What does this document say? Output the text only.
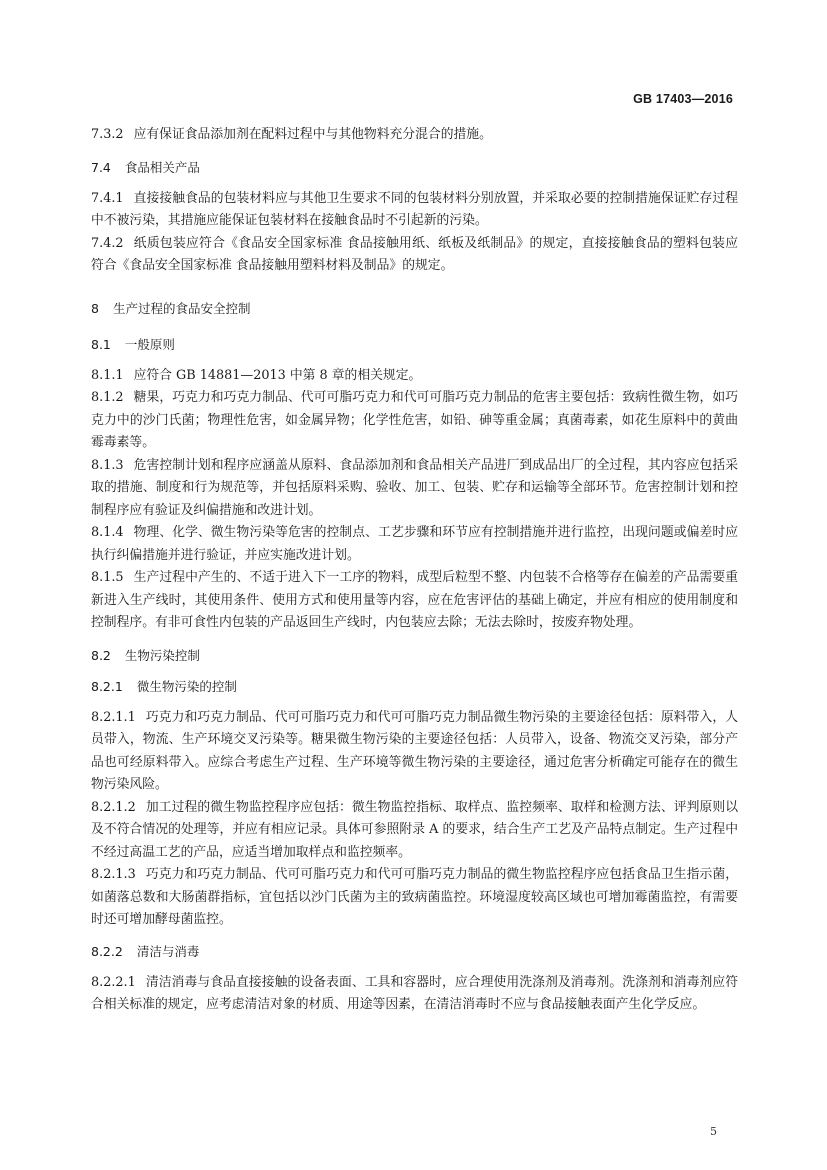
GB 17403—2016

7.3.2 应有保证食品添加剂在配料过程中与其他物料充分混合的措施。

7.4 食品相关产品

7.4.1 直接接触食品的包装材料应与其他卫生要求不同的包装材料分别放置，并采取必要的控制措施保证贮存过程中不被污染，其措施应能保证包装材料在接触食品时不引起新的污染。

7.4.2 纸质包装应符合《食品安全国家标准 食品接触用纸、纸板及纸制品》的规定，直接接触食品的塑料包装应符合《食品安全国家标准 食品接触用塑料材料及制品》的规定。

8 生产过程的食品安全控制
8.1 一般原则

8.1.1 应符合 GB 14881—2013 中第 8 章的相关规定。

8.1.2 糖果，巧克力和巧克力制品、代可可脂巧克力和代可可脂巧克力制品的危害主要包括：致病性微生物，如巧克力中的沙门氏菌；物理性危害，如金属异物；化学性危害，如铅、砷等重金属；真菌毒素，如花生原料中的黄曲霉毒素等。

8.1.3 危害控制计划和程序应涵盖从原料、食品添加剂和食品相关产品进厂到成品出厂的全过程，其内容应包括采取的措施、制度和行为规范等，并包括原料采购、验收、加工、包装、贮存和运输等全部环节。危害控制计划和控制程序应有验证及纠偏措施和改进计划。

8.1.4 物理、化学、微生物污染等危害的控制点、工艺步骤和环节应有控制措施并进行监控，出现问题或偏差时应执行纠偏措施并进行验证，并应实施改进计划。

8.1.5 生产过程中产生的、不适于进入下一工序的物料，成型后粒型不整、内包装不合格等存在偏差的产品需要重新进入生产线时，其使用条件、使用方式和使用量等内容，应在危害评估的基础上确定，并应有相应的使用制度和控制程序。有非可食性内包装的产品返回生产线时，内包装应去除；无法去除时，按废弃物处理。

8.2 生物污染控制
8.2.1 微生物污染的控制

8.2.1.1 巧克力和巧克力制品、代可可脂巧克力和代可可脂巧克力制品微生物污染的主要途径包括：原料带入，人员带入，物流、生产环境交叉污染等。糖果微生物污染的主要途径包括：人员带入，设备、物流交叉污染，部分产品也可经原料带入。应综合考虑生产过程、生产环境等微生物污染的主要途径，通过危害分析确定可能存在的微生物污染风险。

8.2.1.2 加工过程的微生物监控程序应包括：微生物监控指标、取样点、监控频率、取样和检测方法、评判原则以及不符合情况的处理等，并应有相应记录。具体可参照附录 A 的要求，结合生产工艺及产品特点制定。生产过程中不经过高温工艺的产品，应适当增加取样点和监控频率。

8.2.1.3 巧克力和巧克力制品、代可可脂巧克力和代可可脂巧克力制品的微生物监控程序应包括食品卫生指示菌，如菌落总数和大肠菌群指标，宜包括以沙门氏菌为主的致病菌监控。环境湿度较高区域也可增加霉菌监控，有需要时还可增加酵母菌监控。

8.2.2 清洁与消毒

8.2.2.1 清洁消毒与食品直接接触的设备表面、工具和容器时，应合理使用洗涤剂及消毒剂。洗涤剂和消毒剂应符合相关标准的规定，应考虑清洁对象的材质、用途等因素，在清洁消毒时不应与食品接触表面产生化学反应。

5
